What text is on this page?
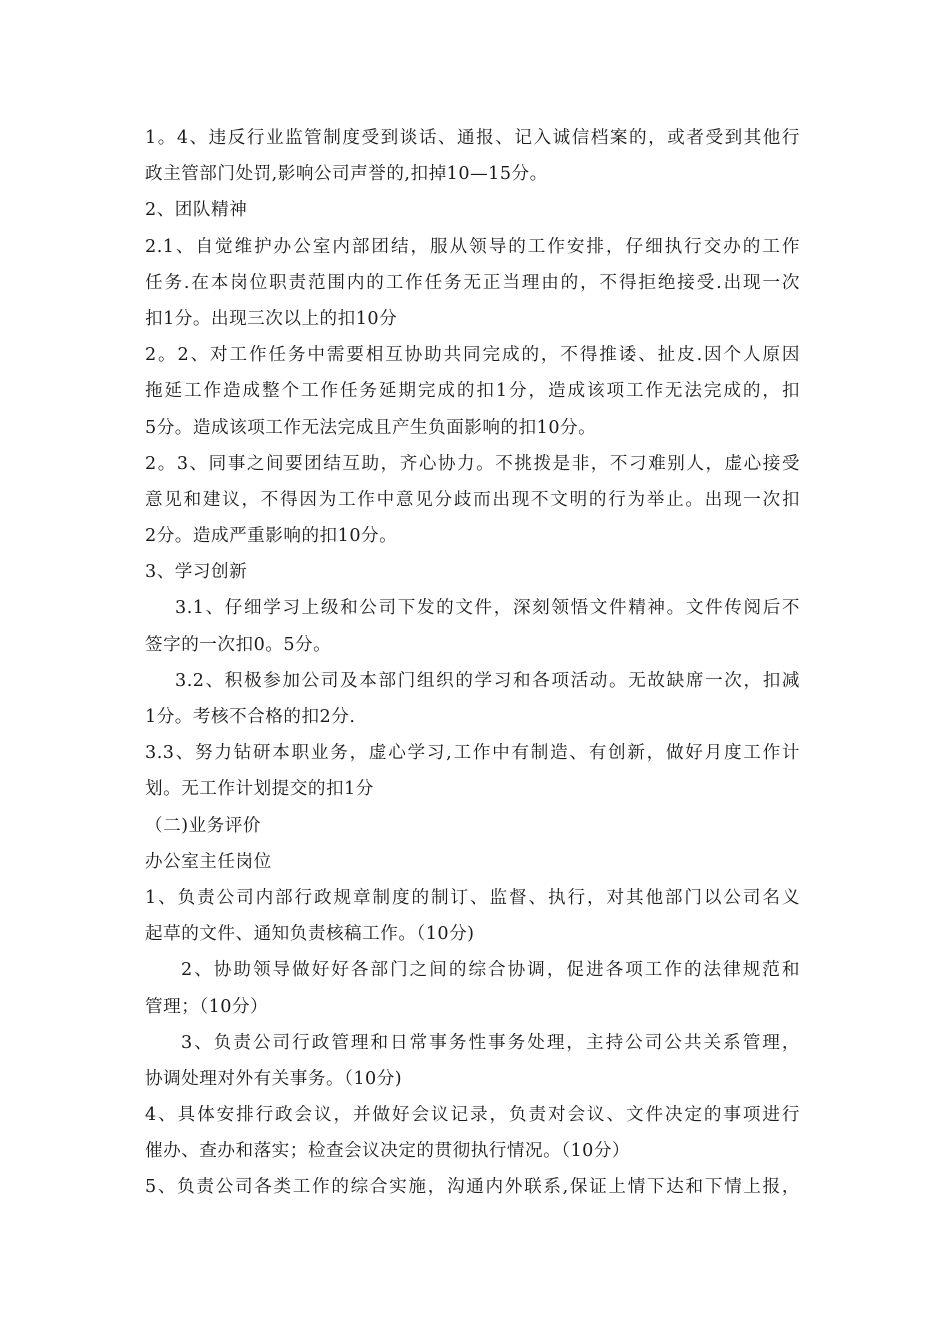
1。4、违反行业监管制度受到谈话、通报、记入诚信档案的，或者受到其他行
政主管部门处罚,影响公司声誉的,扣掉10—15分。
2、团队精神
2.1、自觉维护办公室内部团结，服从领导的工作安排，仔细执行交办的工作
任务.在本岗位职责范围内的工作任务无正当理由的，不得拒绝接受.出现一次
扣1分。出现三次以上的扣10分
2。2、对工作任务中需要相互协助共同完成的，不得推诿、扯皮.因个人原因
拖延工作造成整个工作任务延期完成的扣1分，造成该项工作无法完成的，扣
5分。造成该项工作无法完成且产生负面影响的扣10分。
2。3、同事之间要团结互助，齐心协力。不挑拨是非，不刁难别人，虚心接受
意见和建议，不得因为工作中意见分歧而出现不文明的行为举止。出现一次扣
2分。造成严重影响的扣10分。
3、学习创新
3.1、仔细学习上级和公司下发的文件，深刻领悟文件精神。文件传阅后不
签字的一次扣0。5分。
3.2、积极参加公司及本部门组织的学习和各项活动。无故缺席一次，扣减
1分。考核不合格的扣2分.
3.3、努力钻研本职业务，虚心学习,工作中有制造、有创新，做好月度工作计
划。无工作计划提交的扣1分
（二)业务评价
办公室主任岗位
1、负责公司内部行政规章制度的制订、监督、执行，对其他部门以公司名义
起草的文件、通知负责核稿工作。（10分)
2、协助领导做好好各部门之间的综合协调，促进各项工作的法律规范和
管理；（10分）
3、负责公司行政管理和日常事务性事务处理，主持公司公共关系管理，
协调处理对外有关事务。（10分)
4、具体安排行政会议，并做好会议记录，负责对会议、文件决定的事项进行
催办、查办和落实；检查会议决定的贯彻执行情况。（10分）
5、负责公司各类工作的综合实施，沟通内外联系,保证上情下达和下情上报，
